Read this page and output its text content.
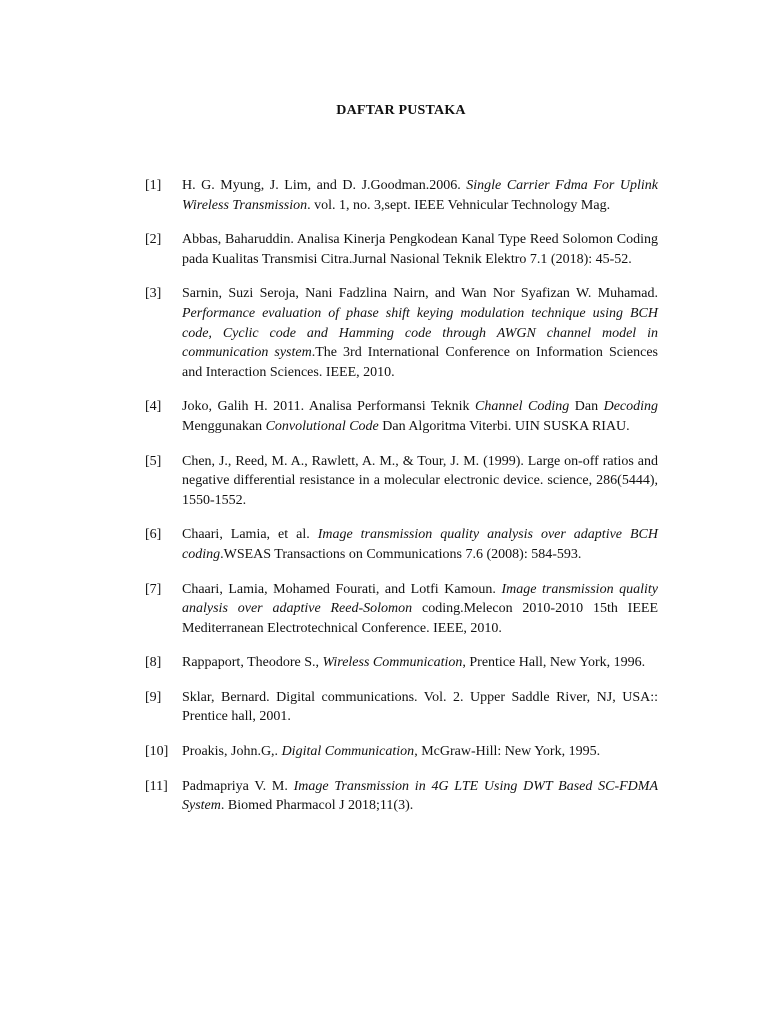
DAFTAR PUSTAKA
[1]	H. G. Myung, J. Lim, and D. J.Goodman.2006. Single Carrier Fdma For Uplink Wireless Transmission. vol. 1, no. 3,sept. IEEE Vehnicular Technology Mag.
[2]	Abbas, Baharuddin. Analisa Kinerja Pengkodean Kanal Type Reed Solomon Coding pada Kualitas Transmisi Citra.Jurnal Nasional Teknik Elektro 7.1 (2018): 45-52.
[3]	Sarnin, Suzi Seroja, Nani Fadzlina Nairn, and Wan Nor Syafizan W. Muhamad. Performance evaluation of phase shift keying modulation technique using BCH code, Cyclic code and Hamming code through AWGN channel model in communication system.The 3rd International Conference on Information Sciences and Interaction Sciences. IEEE, 2010.
[4]	Joko, Galih H. 2011. Analisa Performansi Teknik Channel Coding Dan Decoding Menggunakan Convolutional Code Dan Algoritma Viterbi. UIN SUSKA RIAU.
[5]	Chen, J., Reed, M. A., Rawlett, A. M., & Tour, J. M. (1999). Large on-off ratios and negative differential resistance in a molecular electronic device. science, 286(5444), 1550-1552.
[6]	Chaari, Lamia, et al. Image transmission quality analysis over adaptive BCH coding.WSEAS Transactions on Communications 7.6 (2008): 584-593.
[7]	Chaari, Lamia, Mohamed Fourati, and Lotfi Kamoun. Image transmission quality analysis over adaptive Reed-Solomon coding.Melecon 2010-2010 15th IEEE Mediterranean Electrotechnical Conference. IEEE, 2010.
[8]	Rappaport, Theodore S., Wireless Communication, Prentice Hall, New York, 1996.
[9]	Sklar, Bernard. Digital communications. Vol. 2. Upper Saddle River, NJ, USA:: Prentice hall, 2001.
[10] Proakis, John.G,. Digital Communication, McGraw-Hill: New York, 1995.
[11]	Padmapriya V. M. Image Transmission in 4G LTE Using DWT Based SC-FDMA System. Biomed Pharmacol J 2018;11(3).
